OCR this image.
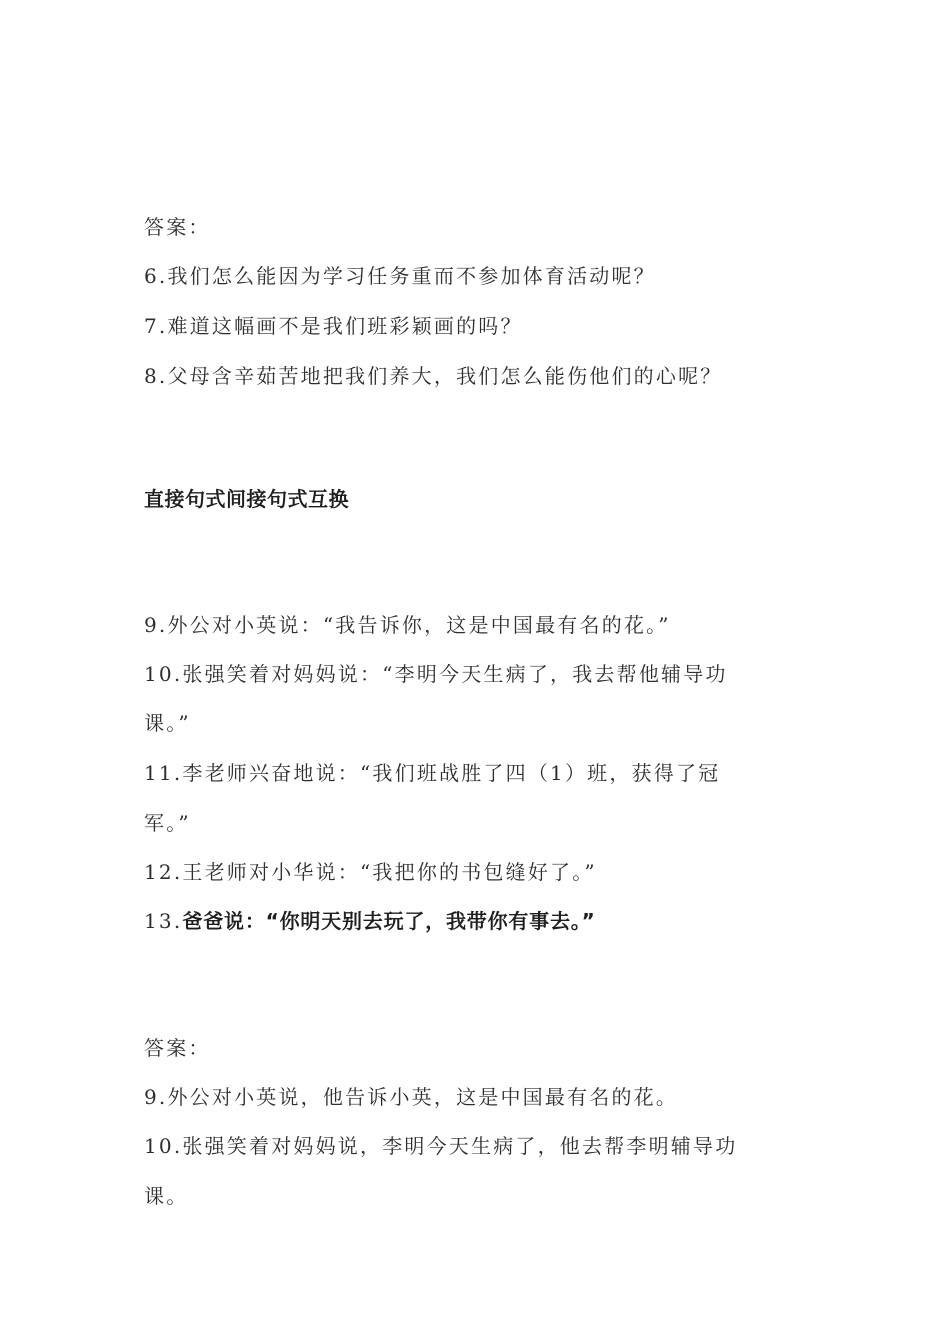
答案：
6.我们怎么能因为学习任务重而不参加体育活动呢？
7.难道这幅画不是我们班彩颖画的吗？
8.父母含辛茹苦地把我们养大，我们怎么能伤他们的心呢？
直接句式间接句式互换
9.外公对小英说：“我告诉你，这是中国最有名的花。”
10.张强笑着对妈妈说：“李明今天生病了，我去帮他辅导功
课。”
11.李老师兴奋地说：“我们班战胜了四（1）班，获得了冠
军。”
12.王老师对小华说：“我把你的书包缝好了。”
13.爸爸说：“你明天别去玩了，我带你有事去。”
答案：
9.外公对小英说，他告诉小英，这是中国最有名的花。
10.张强笑着对妈妈说，李明今天生病了，他去帮李明辅导功
课。
